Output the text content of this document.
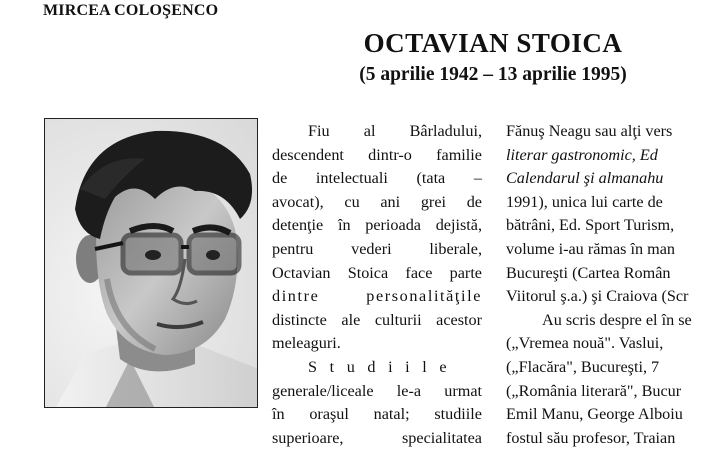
MIRCEA COLOŞENCO
OCTAVIAN STOICA
(5 aprilie 1942 – 13 aprilie 1995)
Fiu al Bârladului,
descendent dintr-o familie
de intelectuali (tata –
avocat), cu ani grei de
detenţie în perioada dejistă,
pentru vederi liberale,
Octavian Stoica face parte
dintre personalităţile
distincte ale culturii acestor
meleaguri.
Studiile
generale/liceale le-a urmat
în oraşul natal; studiile
superioare, specialitatea
Fănuş Neagu sau alţi vers
literar gastronomic, Ed
Calendarul şi almanahu
1991), unica lui carte de
bătrâni, Ed. Sport Turism,
volume i-au rămas în man
Bucureşti (Cartea Român
Viitorul ş.a.) şi Craiova (Scr
Au scris despre el în se
(„Vremea nouă". Vaslui,
(„Flacăra", Bucureşti, 7
(„România literară", Bucur
Emil Manu, George Alboiu
fostul său profesor, Traian
